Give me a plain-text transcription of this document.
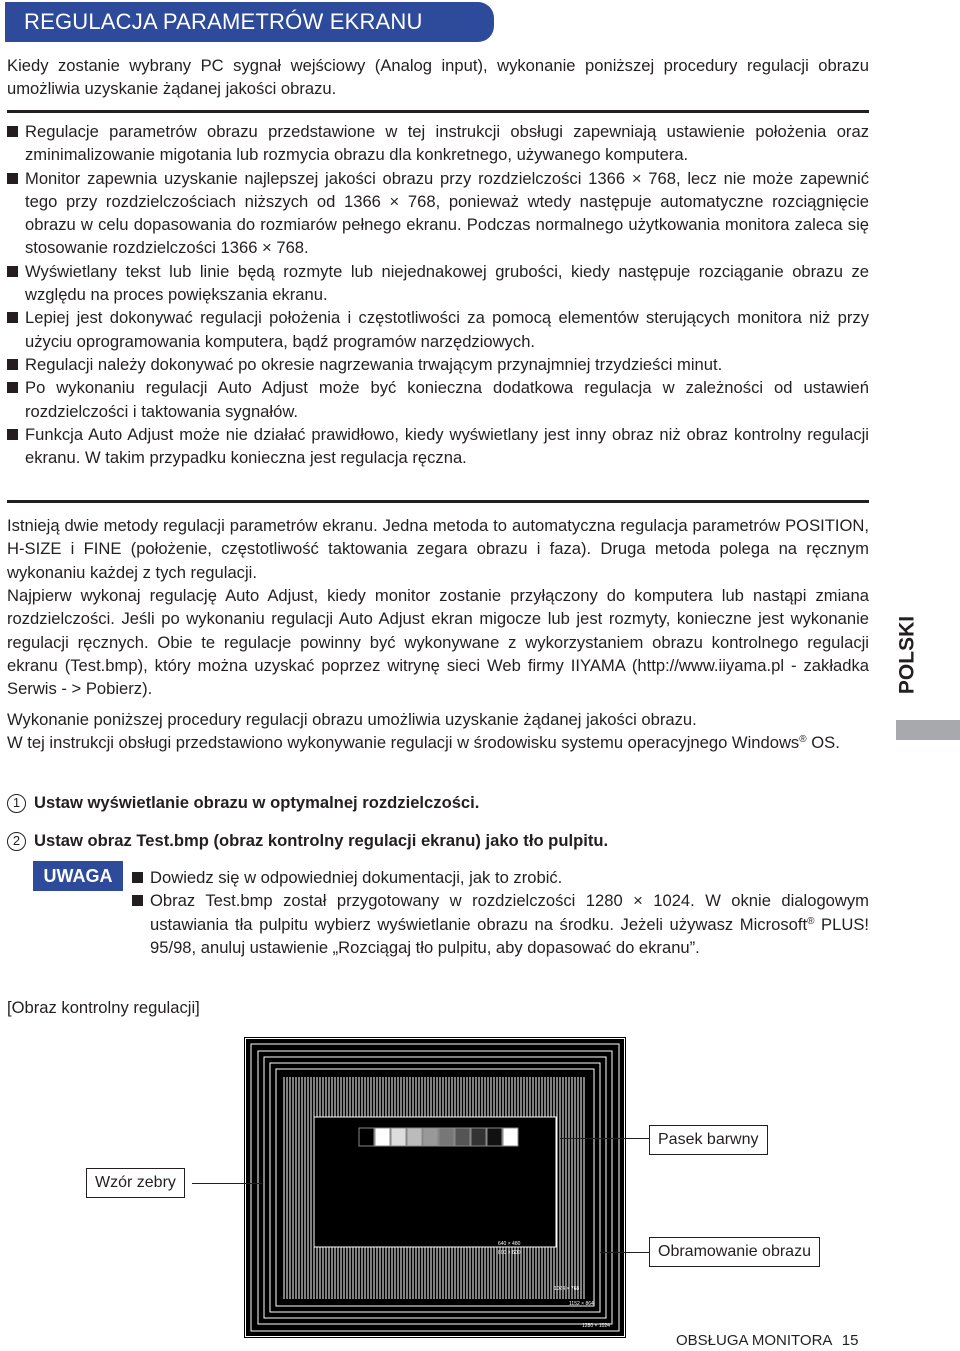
REGULACJA PARAMETRÓW EKRANU

Kiedy zostanie wybrany PC sygnał wejściowy (Analog input), wykonanie poniższej procedury regulacji obrazu umożliwia uzyskanie żądanej jakości obrazu.

Regulacje parametrów obrazu przedstawione w tej instrukcji obsługi zapewniają ustawienie położenia oraz zminimalizowanie migotania lub rozmycia obrazu dla konkretnego, używanego komputera.
Monitor zapewnia uzyskanie najlepszej jakości obrazu przy rozdzielczości 1366 × 768, lecz nie może zapewnić tego przy rozdzielczościach niższych od 1366 × 768, ponieważ wtedy następuje automatyczne rozciągnięcie obrazu w celu dopasowania do rozmiarów pełnego ekranu. Podczas normalnego użytkowania monitora zaleca się stosowanie rozdzielczości 1366 × 768.
Wyświetlany tekst lub linie będą rozmyte lub niejednakowej grubości, kiedy następuje rozciąganie obrazu ze względu na proces powiększania ekranu.
Lepiej jest dokonywać regulacji położenia i częstotliwości za pomocą elementów sterujących monitora niż przy użyciu oprogramowania komputera, bądź programów narzędziowych.
Regulacji należy dokonywać po okresie nagrzewania trwającym przynajmniej trzydzieści minut.
Po wykonaniu regulacji Auto Adjust może być konieczna dodatkowa regulacja w zależności od ustawień rozdzielczości i taktowania sygnałów.
Funkcja Auto Adjust może nie działać prawidłowo, kiedy wyświetlany jest inny obraz niż obraz kontrolny regulacji ekranu. W takim przypadku konieczna jest regulacja ręczna.

Istnieją dwie metody regulacji parametrów ekranu. Jedna metoda to automatyczna regulacja parametrów POSITION, H-SIZE i FINE (położenie, częstotliwość taktowania zegara obrazu i faza). Druga metoda polega na ręcznym wykonaniu każdej z tych regulacji.

Najpierw wykonaj regulację Auto Adjust, kiedy monitor zostanie przyłączony do komputera lub nastąpi zmiana rozdzielczości. Jeśli po wykonaniu regulacji Auto Adjust ekran migocze lub jest rozmyty, konieczne jest wykonanie regulacji ręcznych. Obie te regulacje powinny być wykonywane z wykorzystaniem obrazu kontrolnego regulacji ekranu (Test.bmp), który można uzyskać poprzez witrynę sieci Web firmy IIYAMA (http://www.iiyama.pl - zakładka Serwis - > Pobierz).

Wykonanie poniższej procedury regulacji obrazu umożliwia uzyskanie żądanej jakości obrazu.

W tej instrukcji obsługi przedstawiono wykonywanie regulacji w środowisku systemu operacyjnego Windows® OS.

POLSKI
1 Ustaw wyświetlanie obrazu w optymalnej rozdzielczości.
2 Ustaw obraz Test.bmp (obraz kontrolny regulacji ekranu) jako tło pulpitu.
UWAGA	Dowiedz się w odpowiedniej dokumentacji, jak to zrobić.
Obraz Test.bmp został przygotowany w rozdzielczości 1280 × 1024. W oknie dialogowym ustawiania tła pulpitu wybierz wyświetlanie obrazu na środku. Jeżeli używasz Microsoft® PLUS! 95/98, anuluj ustawienie „Rozciągaj tło pulpitu, aby dopasować do ekranu”.
[Obraz kontrolny regulacji]
640 × 480
800 × 600
1024 × 768
1152 × 864
1280 × 1024
Pasek barwny
Wzór zebry
Obramowanie obrazu
OBSŁUGA MONITORA 15
